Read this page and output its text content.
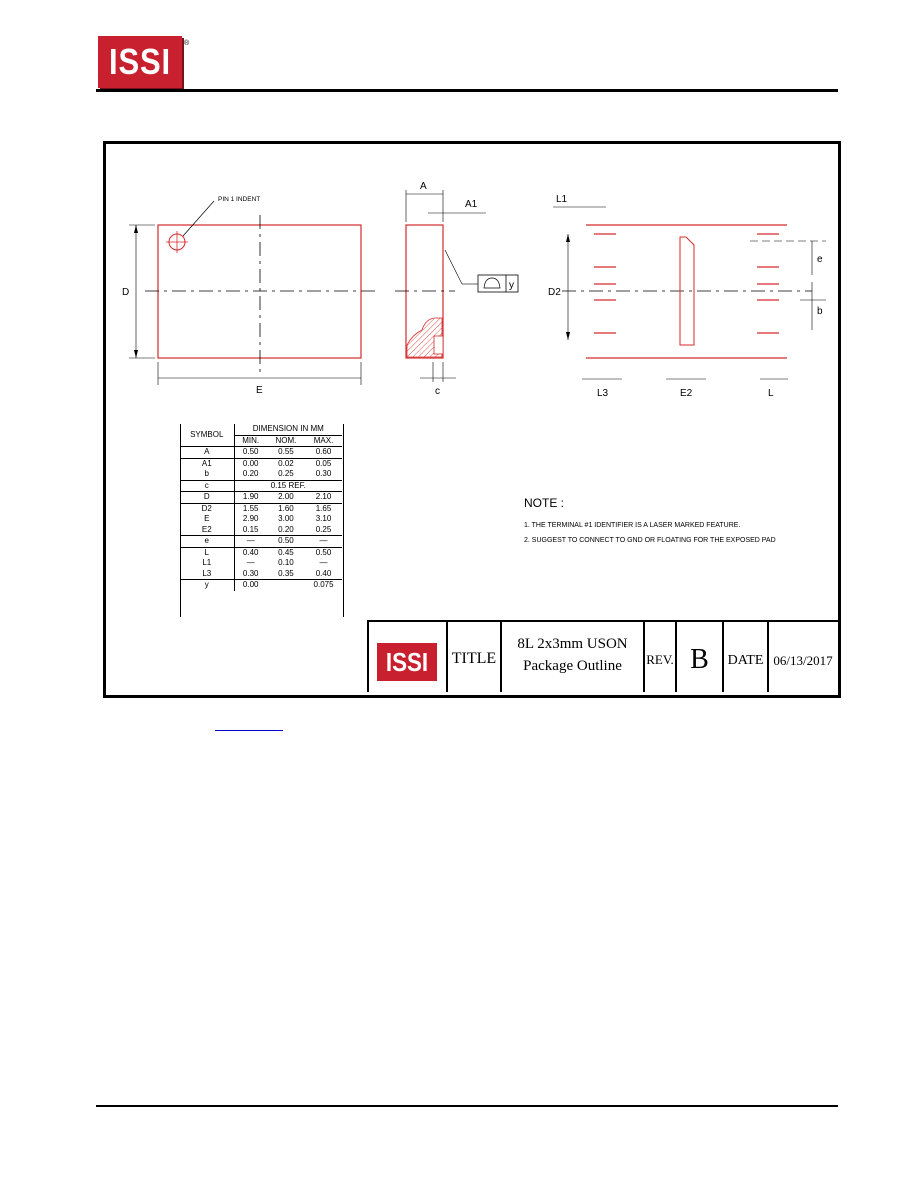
ISSI	®
PIN 1 INDENT
D
E
A
A1
y
c
L1
D2
e
b
L3	E2	L
SYMBOL	DIMENSION IN MM		
	MIN.	NOM.	MAX.
A	0.50	0.55	0.60
A1	0.00	0.02	0.05
b	0.20	0.25	0.30
c	0.15 REF.		
D	1.90	2.00	2.10
D2	1.55	1.60	1.65
E	2.90	3.00	3.10
E2	0.15	0.20	0.25
e	—	0.50	—
L	0.40	0.45	0.50
L1	—	0.10	—
L3	0.30	0.35	0.40
y	0.00		0.075
NOTE :
1. THE TERMINAL #1 IDENTIFIER IS A LASER MARKED FEATURE.
2. SUGGEST TO CONNECT TO GND OR FLOATING FOR THE EXPOSED PAD
ISSI TITLE
8L 2x3mm USON
Package Outline	REV. B	DATE 06/13/2017
